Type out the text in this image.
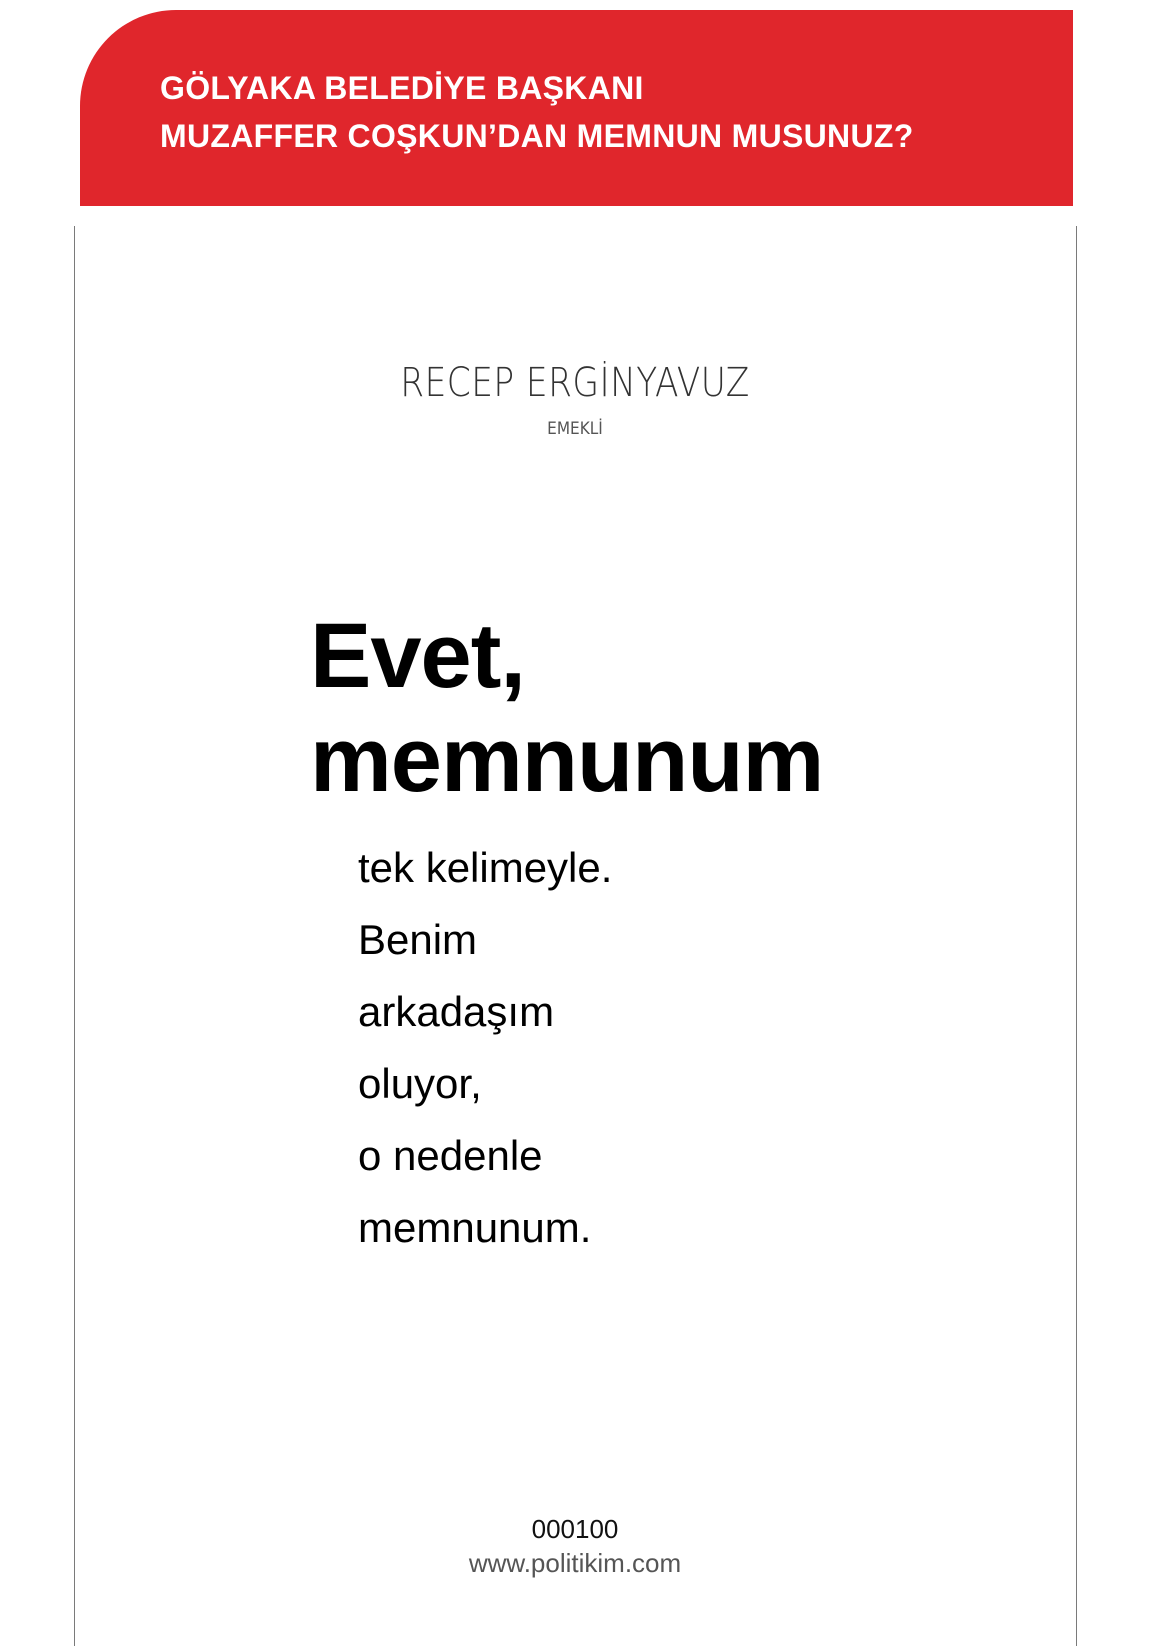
GÖLYAKA BELEDİYE BAŞKANI
MUZAFFER COŞKUN’DAN MEMNUN MUSUNUZ?
RECEP ERGİNYAVUZ
EMEKLİ
Evet,
memnunum
tek kelimeyle.
Benim
arkadaşım
oluyor,
o nedenle
memnunum.
000100
www.politikim.com
